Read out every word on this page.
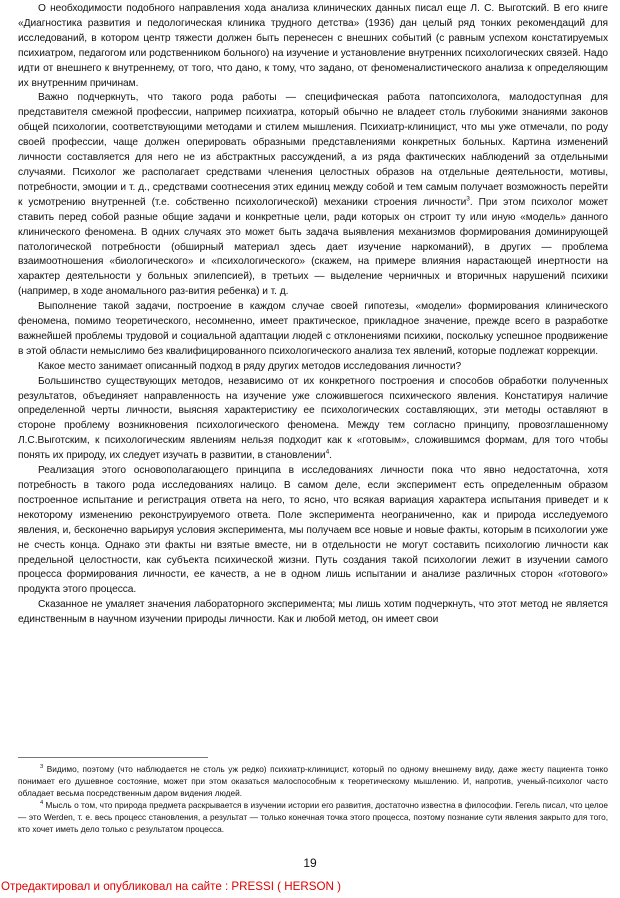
О необходимости подобного направления хода анализа клинических данных писал еще Л. С. Выготский. В его книге «Диагностика развития и педологическая клиника трудного детства» (1936) дан целый ряд тонких рекомендаций для исследований, в котором центр тяжести должен быть перенесен с внешних событий (с равным успехом констатируемых психиатром, педагогом или родственником больного) на изучение и установление внутренних психологических связей. Надо идти от внешнего к внутреннему, от того, что дано, к тому, что задано, от феноменалистического анализа к определяющим их внутренним причинам.

Важно подчеркнуть, что такого рода работы — специфическая работа патопсихолога, малодоступная для представителя смежной профессии, например психиатра, который обычно не владеет столь глубокими знаниями законов общей психологии, соответствующими методами и стилем мышления. Психиатр-клиницист, что мы уже отмечали, по роду своей профессии, чаще должен оперировать образными представлениями конкретных больных. Картина изменений личности составляется для него не из абстрактных рассуждений, а из ряда фактических наблюдений за отдельными случаями. Психолог же располагает средствами членения целостных образов на отдельные деятельности, мотивы, потребности, эмоции и т. д., средствами соотнесения этих единиц между собой и тем самым получает возможность перейти к усмотрению внутренней (т.е. собственно психологической) механики строения личности$^3$. При этом психолог может ставить перед собой разные общие задачи и конкретные цели, ради которых он строит ту или иную «модель» данного клинического феномена. В одних случаях это может быть задача выявления механизмов формирования доминирующей патологической потребности (обширный материал здесь дает изучение наркоманий), в других — проблема взаимоотношения «биологического» и «психологического» (скажем, на примере влияния нарастающей инертности на характер деятельности у больных эпилепсией), в третьих — выделение черничных и вторичных нарушений психики (например, в ходе аномального раз-вития ребенка) и т. д.

Выполнение такой задачи, построение в каждом случае своей гипотезы, «модели» формирования клинического феномена, помимо теоретического, несомненно, имеет практическое, прикладное значение, прежде всего в разработке важнейшей проблемы трудовой и социальной адаптации людей с отклонениями психики, поскольку успешное продвижение в этой области немыслимо без квалифицированного психологического анализа тех явлений, которые подлежат коррекции.

Какое место занимает описанный подход в ряду других методов исследования личности?

Большинство существующих методов, независимо от их конкретного построения и способов обработки полученных результатов, объединяет направленность на изучение уже сложившегося психического явления. Констатируя наличие определенной черты личности, выясняя характеристику ее психологических составляющих, эти методы оставляют в стороне проблему возникновения психологического феномена. Между тем согласно принципу, провозглашенному Л.С.Выготским, к психологическим явлениям нельзя подходит как к «готовым», сложившимся формам, для того чтобы понять их природу, их следует изучать в развитии, в становлении$^4$.

Реализация этого основополагающего принципа в исследованиях личности пока что явно недостаточна, хотя потребность в такого рода исследованиях налицо. В самом деле, если эксперимент есть определенным образом построенное испытание и регистрация ответа на него, то ясно, что всякая вариация характера испытания приведет и к некоторому изменению реконструируемого ответа. Поле эксперимента неограниченно, как и природа исследуемого явления, и, бесконечно варьируя условия эксперимента, мы получаем все новые и новые факты, которым в психологии уже не счесть конца. Однако эти факты ни взятые вместе, ни в отдельности не могут составить психологию личности как предельной целостности, как субъекта психической жизни. Путь создания такой психологии лежит в изучении самого процесса формирования личности, ее качеств, а не в одном лишь испытании и анализе различных сторон «готового» продукта этого процесса.

Сказанное не умаляет значения лабораторного эксперимента; мы лишь хотим подчеркнуть, что этот метод не является единственным в научном изучении природы личности. Как и любой метод, он имеет свои

$^3$ Видимо, поэтому (что наблюдается не столь уж редко) психиатр-клиницист, который по одному внешнему виду, даже жесту пациента тонко понимает его душевное состояние, может при этом оказаться малоспособным к теоретическому мышлению. И, напротив, ученый-психолог часто обладает весьма посредственным даром видения людей.

$^4$ Мысль о том, что природа предмета раскрывается в изучении истории его развития, достаточно известна в философии. Гегель писал, что целое — это Werden, т. е. весь процесс становления, а результат — только конечная точка этого процесса, поэтому познание сути явления закрыто для того, кто хочет иметь дело только с результатом процесса.

19
Отредактировал и опубликовал на сайте : PRESSI ( HERSON )
